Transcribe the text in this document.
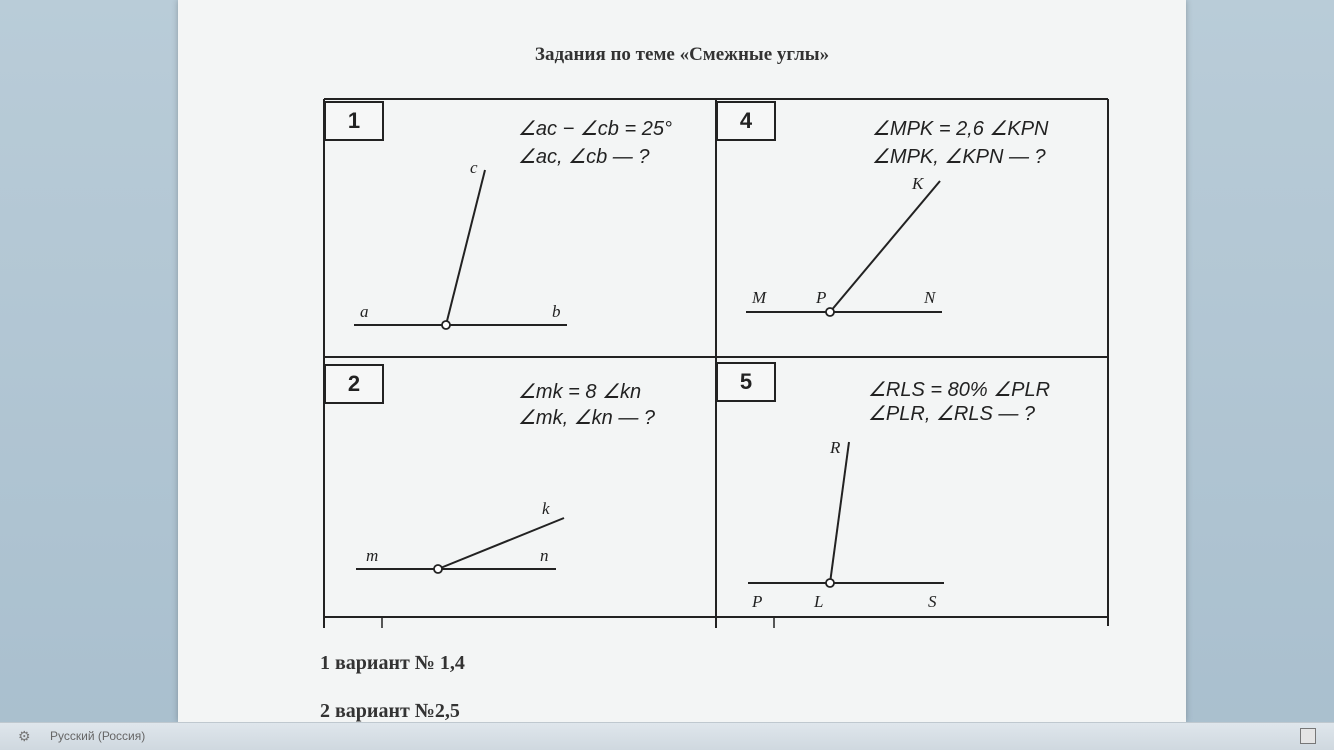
Задания по теме «Смежные углы»
1	∠ac − ∠cb = 25°
∠ac, ∠cb — ?
c
a	b
4	∠MPK = 2,6 ∠KPN
∠MPK, ∠KPN — ?
K
M	P	N
2	∠mk = 8 ∠kn
∠mk, ∠kn — ?
k
m	n
5	∠RLS = 80% ∠PLR
∠PLR, ∠RLS — ?
R
P	L	S
1 вариант № 1,4
2 вариант №2,5
⚙ Русский (Россия)
